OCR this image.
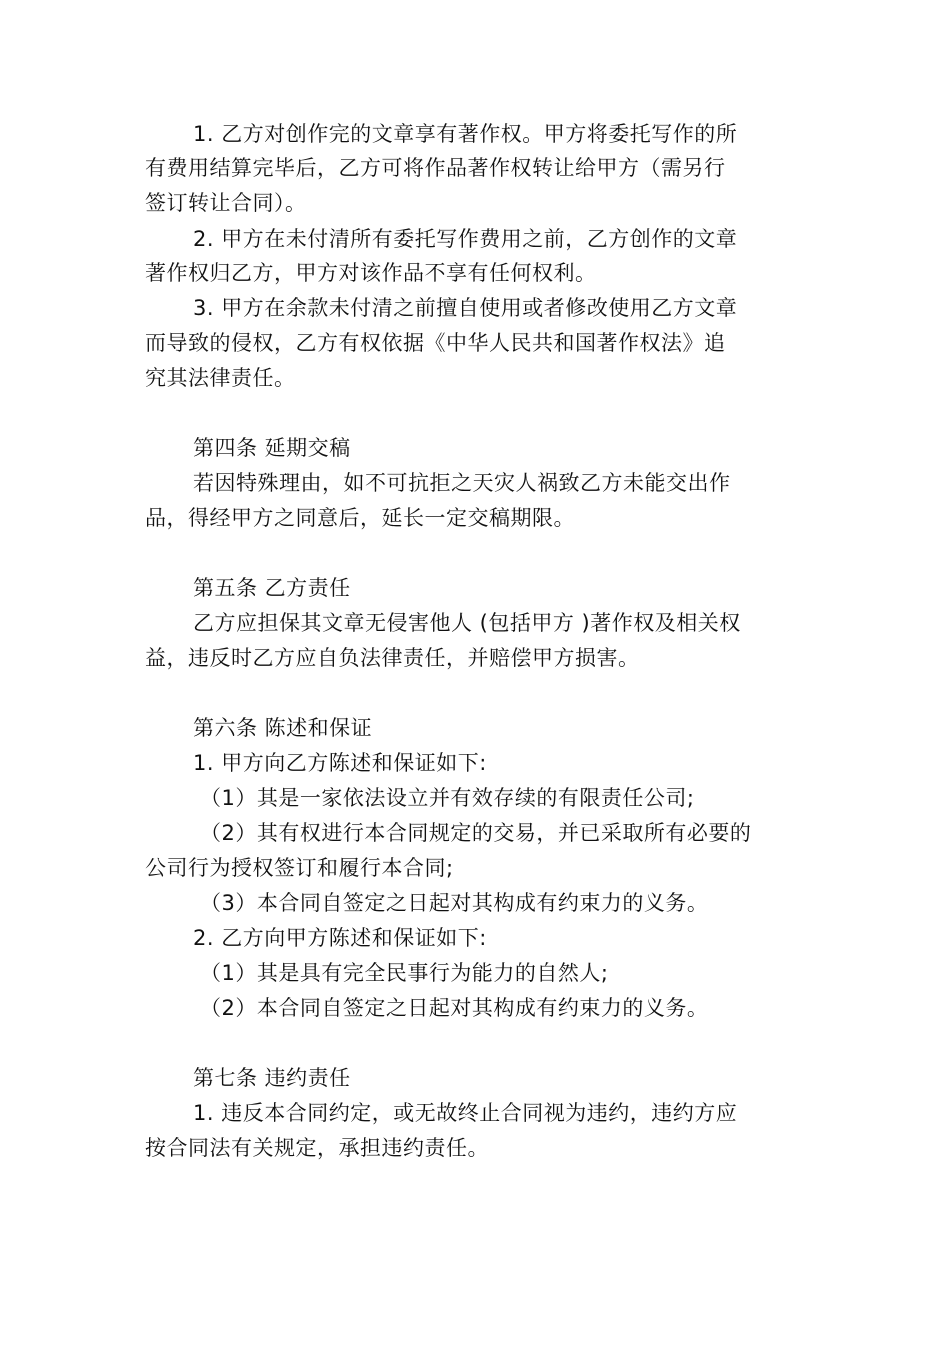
1. 乙方对创作完的文章享有著作权。甲方将委托写作的所
有费用结算完毕后，乙方可将作品著作权转让给甲方（需另行
签订转让合同）。
2. 甲方在未付清所有委托写作费用之前，乙方创作的文章
著作权归乙方，甲方对该作品不享有任何权利。
3. 甲方在余款未付清之前擅自使用或者修改使用乙方文章
而导致的侵权，乙方有权依据《中华人民共和国著作权法》追
究其法律责任。
第四条 延期交稿
若因特殊理由，如不可抗拒之天灾人祸致乙方未能交出作
品，得经甲方之同意后，延长一定交稿期限。
第五条 乙方责任
乙方应担保其文章无侵害他人 (包括甲方 )著作权及相关权
益，违反时乙方应自负法律责任，并赔偿甲方损害。
第六条 陈述和保证
1. 甲方向乙方陈述和保证如下:
（1）其是一家依法设立并有效存续的有限责任公司;
（2）其有权进行本合同规定的交易，并已采取所有必要的
公司行为授权签订和履行本合同;
（3）本合同自签定之日起对其构成有约束力的义务。
2. 乙方向甲方陈述和保证如下:
（1）其是具有完全民事行为能力的自然人;
（2）本合同自签定之日起对其构成有约束力的义务。
第七条 违约责任
1. 违反本合同约定，或无故终止合同视为违约，违约方应
按合同法有关规定，承担违约责任。
